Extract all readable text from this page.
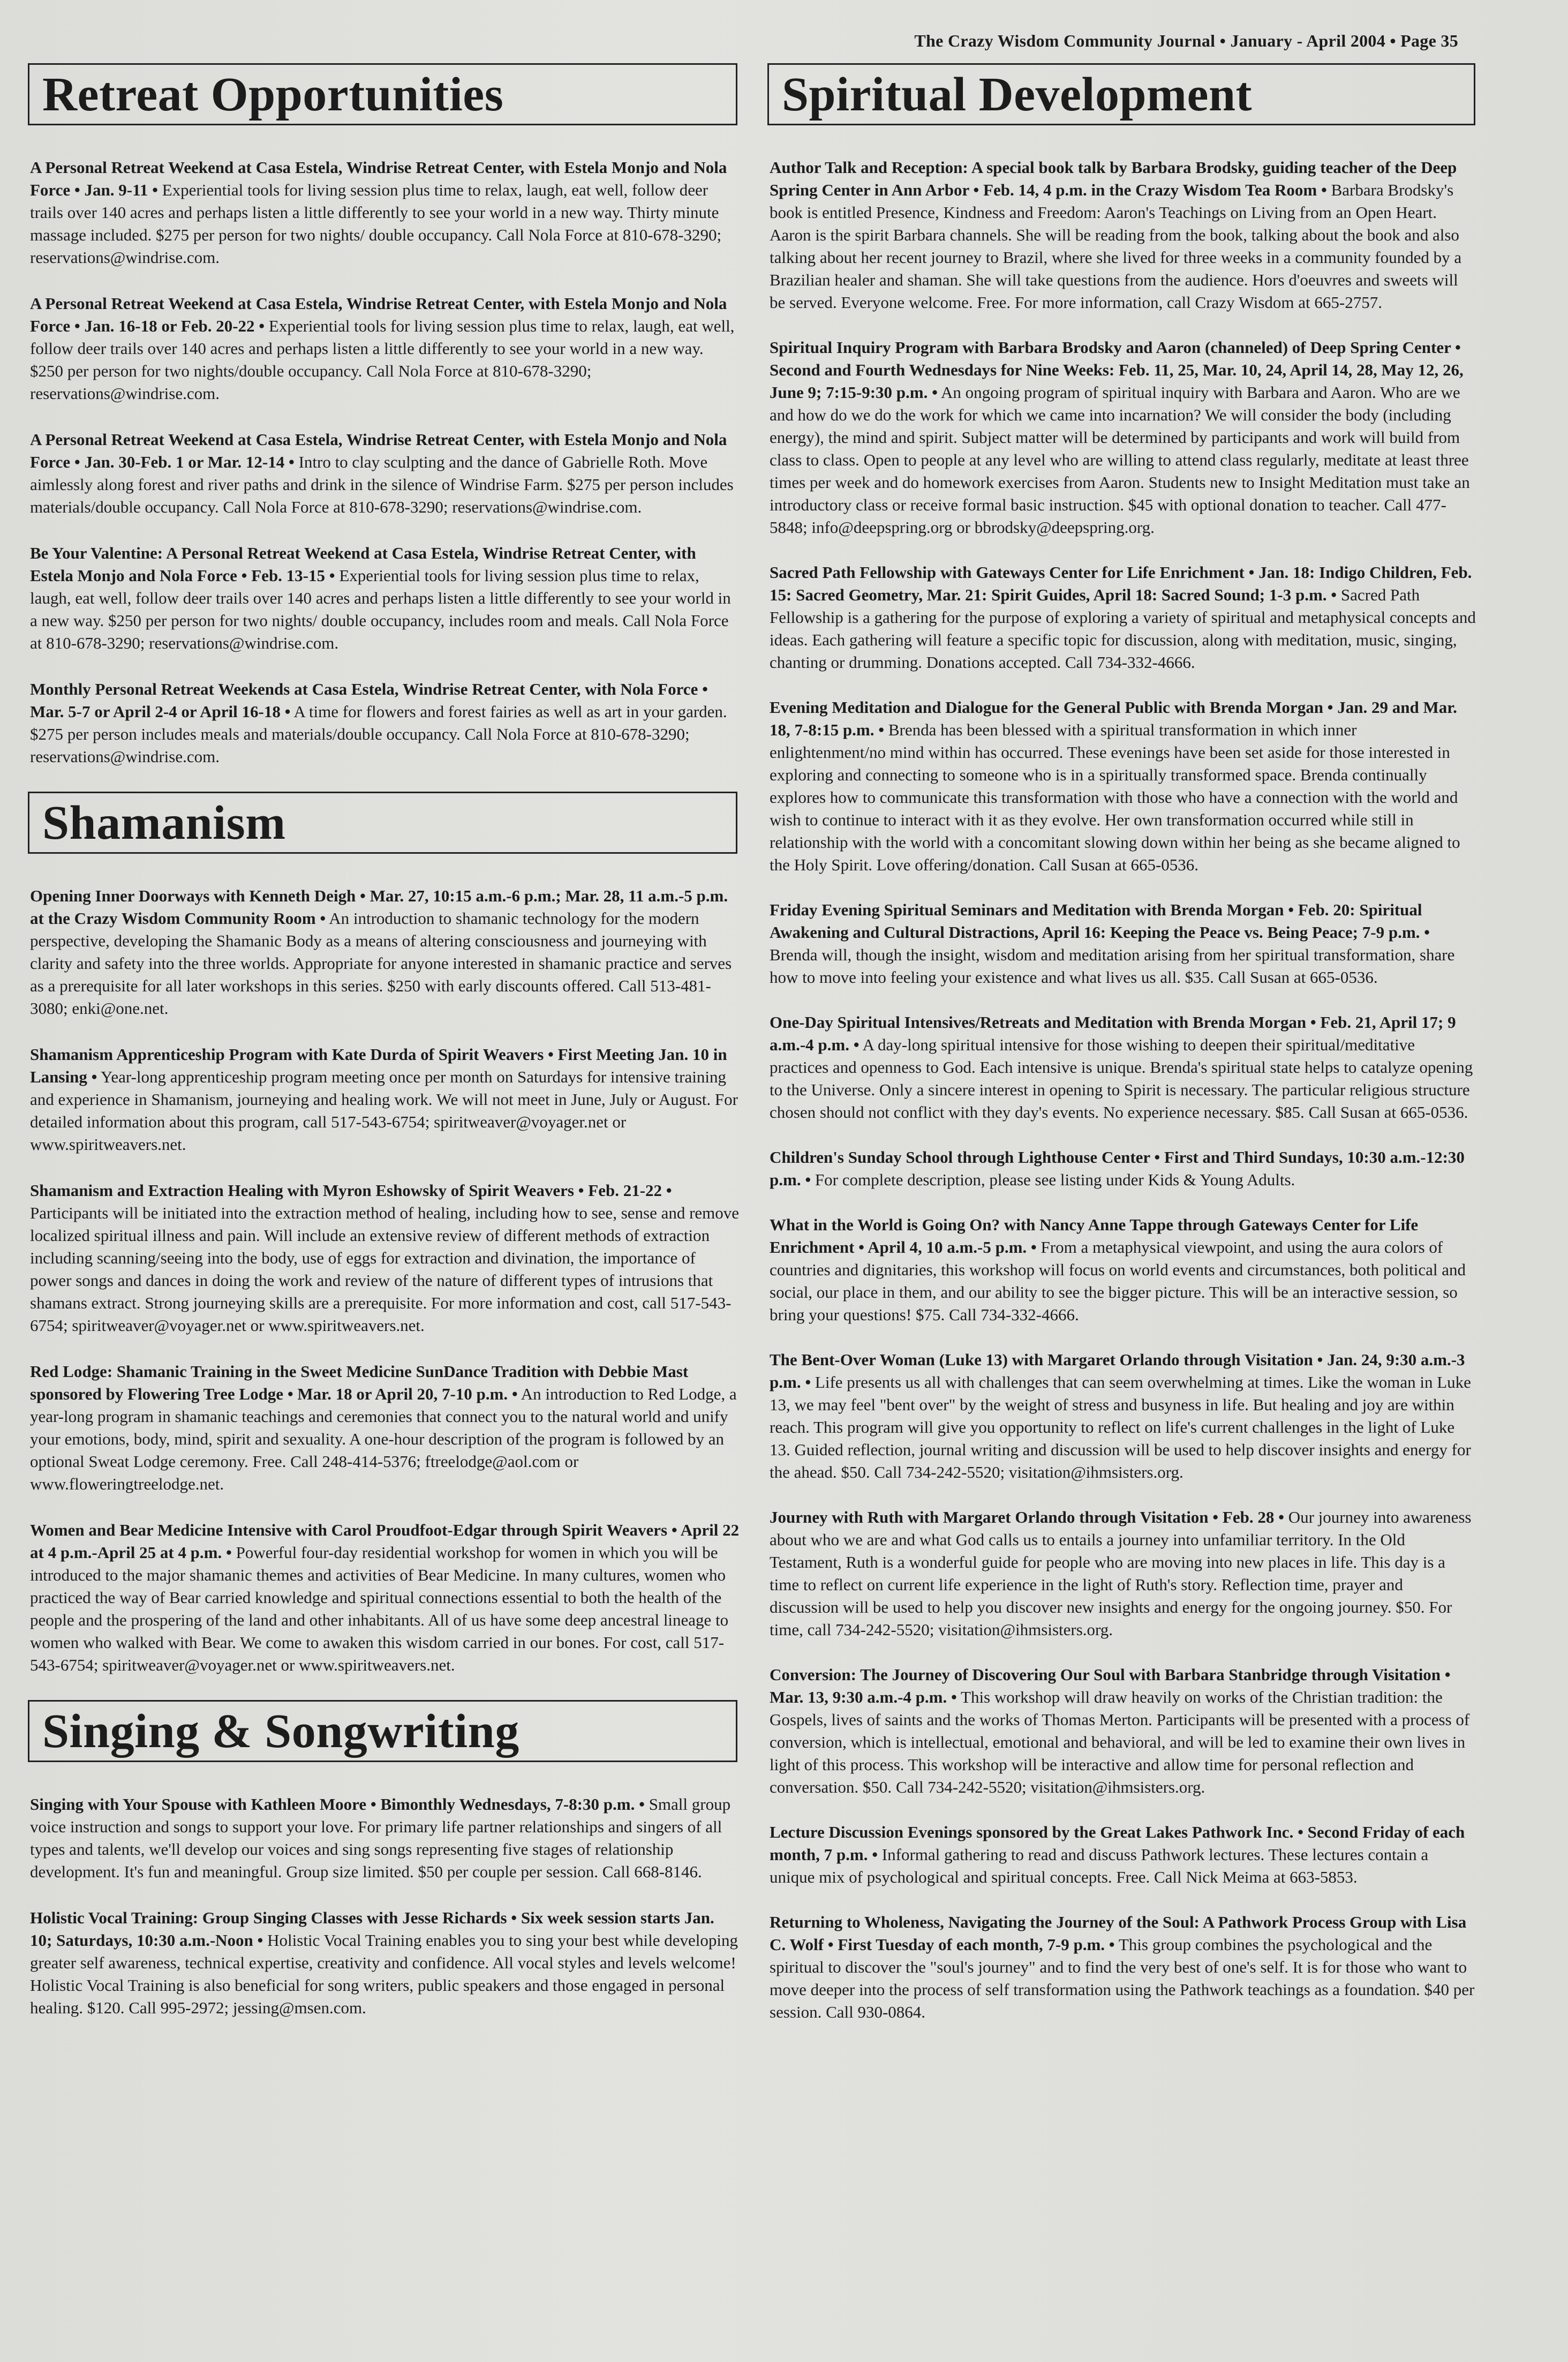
The Crazy Wisdom Community Journal • January - April 2004 • Page 35
Retreat Opportunities

A Personal Retreat Weekend at Casa Estela, Windrise Retreat Center, with Estela Monjo and Nola Force • Jan. 9-11 • Experiential tools for living session plus time to relax, laugh, eat well, follow deer trails over 140 acres and perhaps listen a little differently to see your world in a new way. Thirty minute massage included. $275 per person for two nights/ double occupancy. Call Nola Force at 810-678-3290; reservations@windrise.com.

A Personal Retreat Weekend at Casa Estela, Windrise Retreat Center, with Estela Monjo and Nola Force • Jan. 16-18 or Feb. 20-22 • Experiential tools for living session plus time to relax, laugh, eat well, follow deer trails over 140 acres and perhaps listen a little differently to see your world in a new way. $250 per person for two nights/double occupancy. Call Nola Force at 810-678-3290; reservations@windrise.com.

A Personal Retreat Weekend at Casa Estela, Windrise Retreat Center, with Estela Monjo and Nola Force • Jan. 30-Feb. 1 or Mar. 12-14 • Intro to clay sculpting and the dance of Gabrielle Roth. Move aimlessly along forest and river paths and drink in the silence of Windrise Farm. $275 per person includes materials/double occupancy. Call Nola Force at 810-678-3290; reservations@windrise.com.

Be Your Valentine: A Personal Retreat Weekend at Casa Estela, Windrise Retreat Center, with Estela Monjo and Nola Force • Feb. 13-15 • Experiential tools for living session plus time to relax, laugh, eat well, follow deer trails over 140 acres and perhaps listen a little differently to see your world in a new way. $250 per person for two nights/ double occupancy, includes room and meals. Call Nola Force at 810-678-3290; reservations@windrise.com.

Monthly Personal Retreat Weekends at Casa Estela, Windrise Retreat Center, with Nola Force • Mar. 5-7 or April 2-4 or April 16-18 • A time for flowers and forest fairies as well as art in your garden. $275 per person includes meals and materials/double occupancy. Call Nola Force at 810-678-3290; reservations@windrise.com.

Shamanism

Opening Inner Doorways with Kenneth Deigh • Mar. 27, 10:15 a.m.-6 p.m.; Mar. 28, 11 a.m.-5 p.m. at the Crazy Wisdom Community Room • An introduction to shamanic technology for the modern perspective, developing the Shamanic Body as a means of altering consciousness and journeying with clarity and safety into the three worlds. Appropriate for anyone interested in shamanic practice and serves as a prerequisite for all later workshops in this series. $250 with early discounts offered. Call 513-481-3080; enki@one.net.

Shamanism Apprenticeship Program with Kate Durda of Spirit Weavers • First Meeting Jan. 10 in Lansing • Year-long apprenticeship program meeting once per month on Saturdays for intensive training and experience in Shamanism, journeying and healing work. We will not meet in June, July or August. For detailed information about this program, call 517-543-6754; spiritweaver@voyager.net or www.spiritweavers.net.

Shamanism and Extraction Healing with Myron Eshowsky of Spirit Weavers • Feb. 21-22 • Participants will be initiated into the extraction method of healing, including how to see, sense and remove localized spiritual illness and pain. Will include an extensive review of different methods of extraction including scanning/seeing into the body, use of eggs for extraction and divination, the importance of power songs and dances in doing the work and review of the nature of different types of intrusions that shamans extract. Strong journeying skills are a prerequisite. For more information and cost, call 517-543-6754; spiritweaver@voyager.net or www.spiritweavers.net.

Red Lodge: Shamanic Training in the Sweet Medicine SunDance Tradition with Debbie Mast sponsored by Flowering Tree Lodge • Mar. 18 or April 20, 7-10 p.m. • An introduction to Red Lodge, a year-long program in shamanic teachings and ceremonies that connect you to the natural world and unify your emotions, body, mind, spirit and sexuality. A one-hour description of the program is followed by an optional Sweat Lodge ceremony. Free. Call 248-414-5376; ftreelodge@aol.com or www.floweringtreelodge.net.

Women and Bear Medicine Intensive with Carol Proudfoot-Edgar through Spirit Weavers • April 22 at 4 p.m.-April 25 at 4 p.m. • Powerful four-day residential workshop for women in which you will be introduced to the major shamanic themes and activities of Bear Medicine. In many cultures, women who practiced the way of Bear carried knowledge and spiritual connections essential to both the health of the people and the prospering of the land and other inhabitants. All of us have some deep ancestral lineage to women who walked with Bear. We come to awaken this wisdom carried in our bones. For cost, call 517-543-6754; spiritweaver@voyager.net or www.spiritweavers.net.

Singing & Songwriting

Singing with Your Spouse with Kathleen Moore • Bimonthly Wednesdays, 7-8:30 p.m. • Small group voice instruction and songs to support your love. For primary life partner relationships and singers of all types and talents, we'll develop our voices and sing songs representing five stages of relationship development. It's fun and meaningful. Group size limited. $50 per couple per session. Call 668-8146.

Holistic Vocal Training: Group Singing Classes with Jesse Richards • Six week session starts Jan. 10; Saturdays, 10:30 a.m.-Noon • Holistic Vocal Training enables you to sing your best while developing greater self awareness, technical expertise, creativity and confidence. All vocal styles and levels welcome! Holistic Vocal Training is also beneficial for song writers, public speakers and those engaged in personal healing. $120. Call 995-2972; jessing@msen.com.

Spiritual Development

Author Talk and Reception: A special book talk by Barbara Brodsky, guiding teacher of the Deep Spring Center in Ann Arbor • Feb. 14, 4 p.m. in the Crazy Wisdom Tea Room • Barbara Brodsky's book is entitled Presence, Kindness and Freedom: Aaron's Teachings on Living from an Open Heart. Aaron is the spirit Barbara channels. She will be reading from the book, talking about the book and also talking about her recent journey to Brazil, where she lived for three weeks in a community founded by a Brazilian healer and shaman. She will take questions from the audience. Hors d'oeuvres and sweets will be served. Everyone welcome. Free. For more information, call Crazy Wisdom at 665-2757.

Spiritual Inquiry Program with Barbara Brodsky and Aaron (channeled) of Deep Spring Center • Second and Fourth Wednesdays for Nine Weeks: Feb. 11, 25, Mar. 10, 24, April 14, 28, May 12, 26, June 9; 7:15-9:30 p.m. • An ongoing program of spiritual inquiry with Barbara and Aaron. Who are we and how do we do the work for which we came into incarnation? We will consider the body (including energy), the mind and spirit. Subject matter will be determined by participants and work will build from class to class. Open to people at any level who are willing to attend class regularly, meditate at least three times per week and do homework exercises from Aaron. Students new to Insight Meditation must take an introductory class or receive formal basic instruction. $45 with optional donation to teacher. Call 477-5848; info@deepspring.org or bbrodsky@deepspring.org.

Sacred Path Fellowship with Gateways Center for Life Enrichment • Jan. 18: Indigo Children, Feb. 15: Sacred Geometry, Mar. 21: Spirit Guides, April 18: Sacred Sound; 1-3 p.m. • Sacred Path Fellowship is a gathering for the purpose of exploring a variety of spiritual and metaphysical concepts and ideas. Each gathering will feature a specific topic for discussion, along with meditation, music, singing, chanting or drumming. Donations accepted. Call 734-332-4666.

Evening Meditation and Dialogue for the General Public with Brenda Morgan • Jan. 29 and Mar. 18, 7-8:15 p.m. • Brenda has been blessed with a spiritual transformation in which inner enlightenment/no mind within has occurred. These evenings have been set aside for those interested in exploring and connecting to someone who is in a spiritually transformed space. Brenda continually explores how to communicate this transformation with those who have a connection with the world and wish to continue to interact with it as they evolve. Her own transformation occurred while still in relationship with the world with a concomitant slowing down within her being as she became aligned to the Holy Spirit. Love offering/donation. Call Susan at 665-0536.

Friday Evening Spiritual Seminars and Meditation with Brenda Morgan • Feb. 20: Spiritual Awakening and Cultural Distractions, April 16: Keeping the Peace vs. Being Peace; 7-9 p.m. • Brenda will, though the insight, wisdom and meditation arising from her spiritual transformation, share how to move into feeling your existence and what lives us all. $35. Call Susan at 665-0536.

One-Day Spiritual Intensives/Retreats and Meditation with Brenda Morgan • Feb. 21, April 17; 9 a.m.-4 p.m. • A day-long spiritual intensive for those wishing to deepen their spiritual/meditative practices and openness to God. Each intensive is unique. Brenda's spiritual state helps to catalyze opening to the Universe. Only a sincere interest in opening to Spirit is necessary. The particular religious structure chosen should not conflict with they day's events. No experience necessary. $85. Call Susan at 665-0536.

Children's Sunday School through Lighthouse Center • First and Third Sundays, 10:30 a.m.-12:30 p.m. • For complete description, please see listing under Kids & Young Adults.

What in the World is Going On? with Nancy Anne Tappe through Gateways Center for Life Enrichment • April 4, 10 a.m.-5 p.m. • From a metaphysical viewpoint, and using the aura colors of countries and dignitaries, this workshop will focus on world events and circumstances, both political and social, our place in them, and our ability to see the bigger picture. This will be an interactive session, so bring your questions! $75. Call 734-332-4666.

The Bent-Over Woman (Luke 13) with Margaret Orlando through Visitation • Jan. 24, 9:30 a.m.-3 p.m. • Life presents us all with challenges that can seem overwhelming at times. Like the woman in Luke 13, we may feel "bent over" by the weight of stress and busyness in life. But healing and joy are within reach. This program will give you opportunity to reflect on life's current challenges in the light of Luke 13. Guided reflection, journal writing and discussion will be used to help discover insights and energy for the ahead. $50. Call 734-242-5520; visitation@ihmsisters.org.

Journey with Ruth with Margaret Orlando through Visitation • Feb. 28 • Our journey into awareness about who we are and what God calls us to entails a journey into unfamiliar territory. In the Old Testament, Ruth is a wonderful guide for people who are moving into new places in life. This day is a time to reflect on current life experience in the light of Ruth's story. Reflection time, prayer and discussion will be used to help you discover new insights and energy for the ongoing journey. $50. For time, call 734-242-5520; visitation@ihmsisters.org.

Conversion: The Journey of Discovering Our Soul with Barbara Stanbridge through Visitation • Mar. 13, 9:30 a.m.-4 p.m. • This workshop will draw heavily on works of the Christian tradition: the Gospels, lives of saints and the works of Thomas Merton. Participants will be presented with a process of conversion, which is intellectual, emotional and behavioral, and will be led to examine their own lives in light of this process. This workshop will be interactive and allow time for personal reflection and conversation. $50. Call 734-242-5520; visitation@ihmsisters.org.

Lecture Discussion Evenings sponsored by the Great Lakes Pathwork Inc. • Second Friday of each month, 7 p.m. • Informal gathering to read and discuss Pathwork lectures. These lectures contain a unique mix of psychological and spiritual concepts. Free. Call Nick Meima at 663-5853.

Returning to Wholeness, Navigating the Journey of the Soul: A Pathwork Process Group with Lisa C. Wolf • First Tuesday of each month, 7-9 p.m. • This group combines the psychological and the spiritual to discover the "soul's journey" and to find the very best of one's self. It is for those who want to move deeper into the process of self transformation using the Pathwork teachings as a foundation. $40 per session. Call 930-0864.
